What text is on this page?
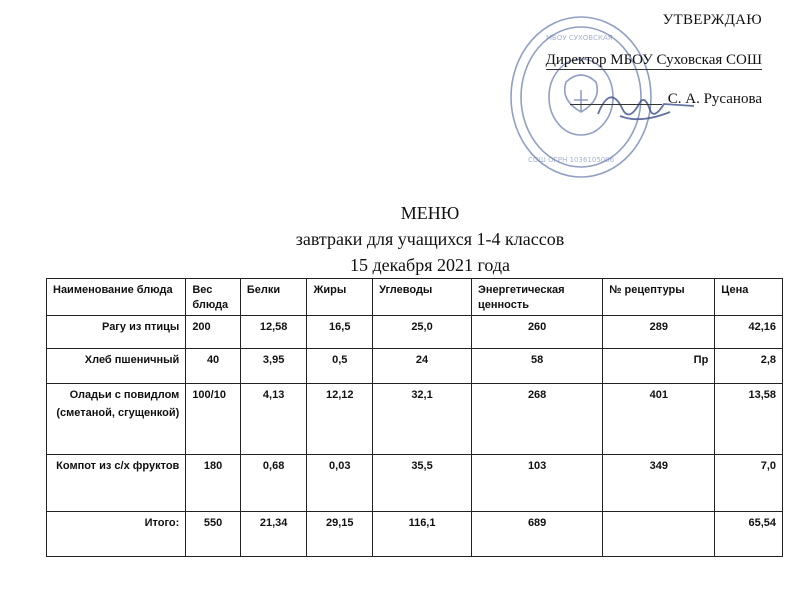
МБОУ СУХОВСКАЯ
СОШ ОГРН 1036105006
УТВЕРЖДАЮ
Директор МБОУ Суховская СОШ
С. А. Русанова
МЕНЮ
завтраки для учащихся 1-4 классов
15 декабря 2021 года
Наименование блюда	Вес блюда	Белки	Жиры	Углеводы	Энергетическая ценность	№ рецептуры	Цена
Рагу из птицы	200	12,58	16,5	25,0	260	289	42,16
Хлеб пшеничный	40	3,95	0,5	24	58	Пр	2,8
Оладьи с повидлом (сметаной, сгущенкой)	100/10	4,13	12,12	32,1	268	401	13,58
Компот из с/х фруктов	180	0,68	0,03	35,5	103	349	7,0
Итого:	550	21,34	29,15	116,1	689		65,54
